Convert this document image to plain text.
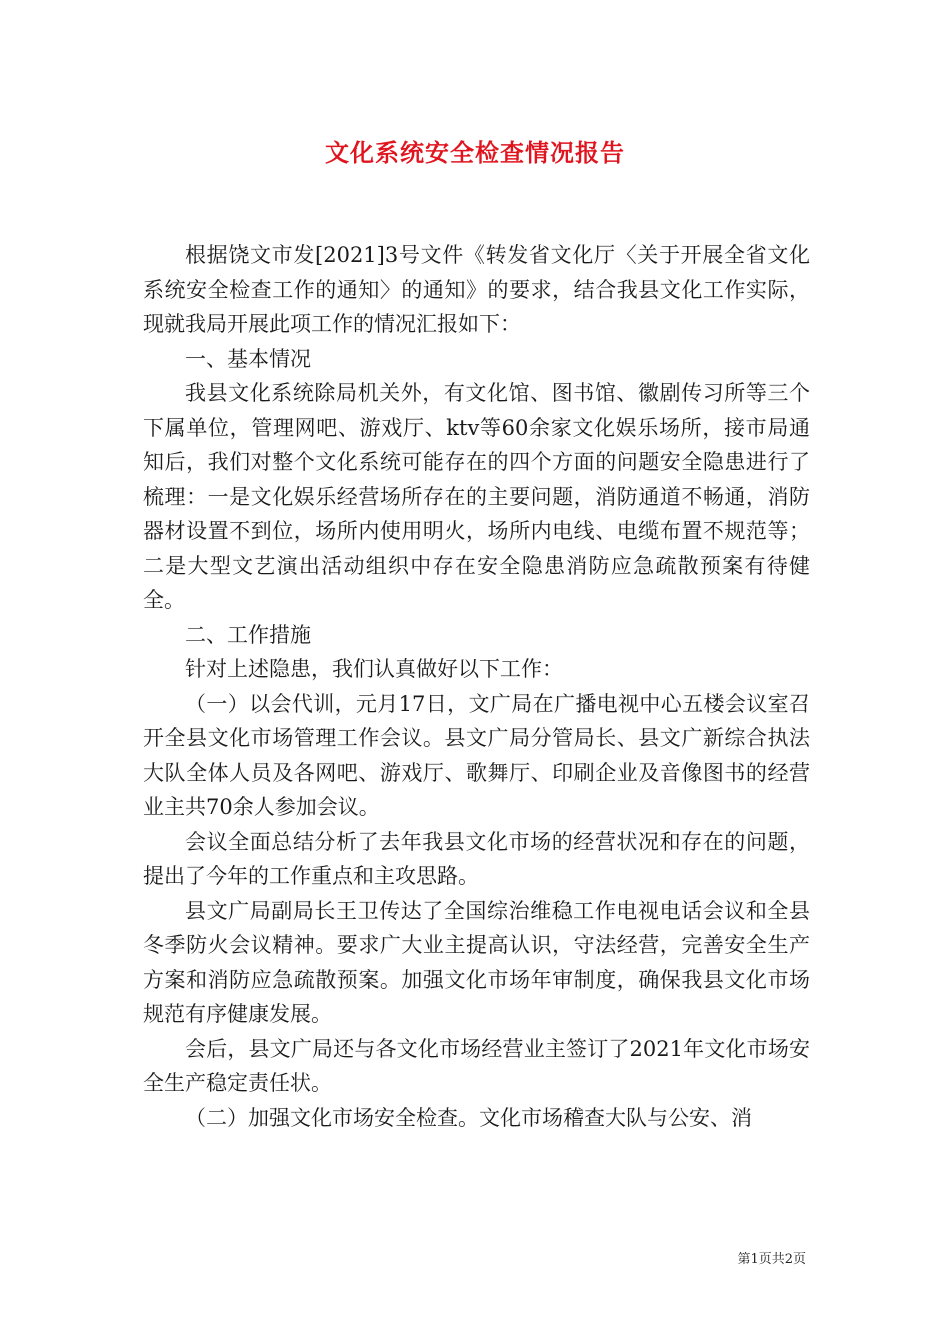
文化系统安全检查情况报告

根据饶文市发[2021]3号文件《转发省文化厅〈关于开展全省文化系统安全检查工作的通知〉的通知》的要求，结合我县文化工作实际，现就我局开展此项工作的情况汇报如下：

一、基本情况

我县文化系统除局机关外，有文化馆、图书馆、徽剧传习所等三个下属单位，管理网吧、游戏厅、ktv等60余家文化娱乐场所，接市局通知后，我们对整个文化系统可能存在的四个方面的问题安全隐患进行了梳理：一是文化娱乐经营场所存在的主要问题，消防通道不畅通，消防器材设置不到位，场所内使用明火，场所内电线、电缆布置不规范等；二是大型文艺演出活动组织中存在安全隐患消防应急疏散预案有待健全。

二、工作措施

针对上述隐患，我们认真做好以下工作：

（一）以会代训，元月17日，文广局在广播电视中心五楼会议室召开全县文化市场管理工作会议。县文广局分管局长、县文广新综合执法大队全体人员及各网吧、游戏厅、歌舞厅、印刷企业及音像图书的经营业主共70余人参加会议。

会议全面总结分析了去年我县文化市场的经营状况和存在的问题，提出了今年的工作重点和主攻思路。

县文广局副局长王卫传达了全国综治维稳工作电视电话会议和全县冬季防火会议精神。要求广大业主提高认识，守法经营，完善安全生产方案和消防应急疏散预案。加强文化市场年审制度，确保我县文化市场规范有序健康发展。

会后，县文广局还与各文化市场经营业主签订了2021年文化市场安全生产稳定责任状。

（二）加强文化市场安全检查。文化市场稽查大队与公安、消

第1页共2页
